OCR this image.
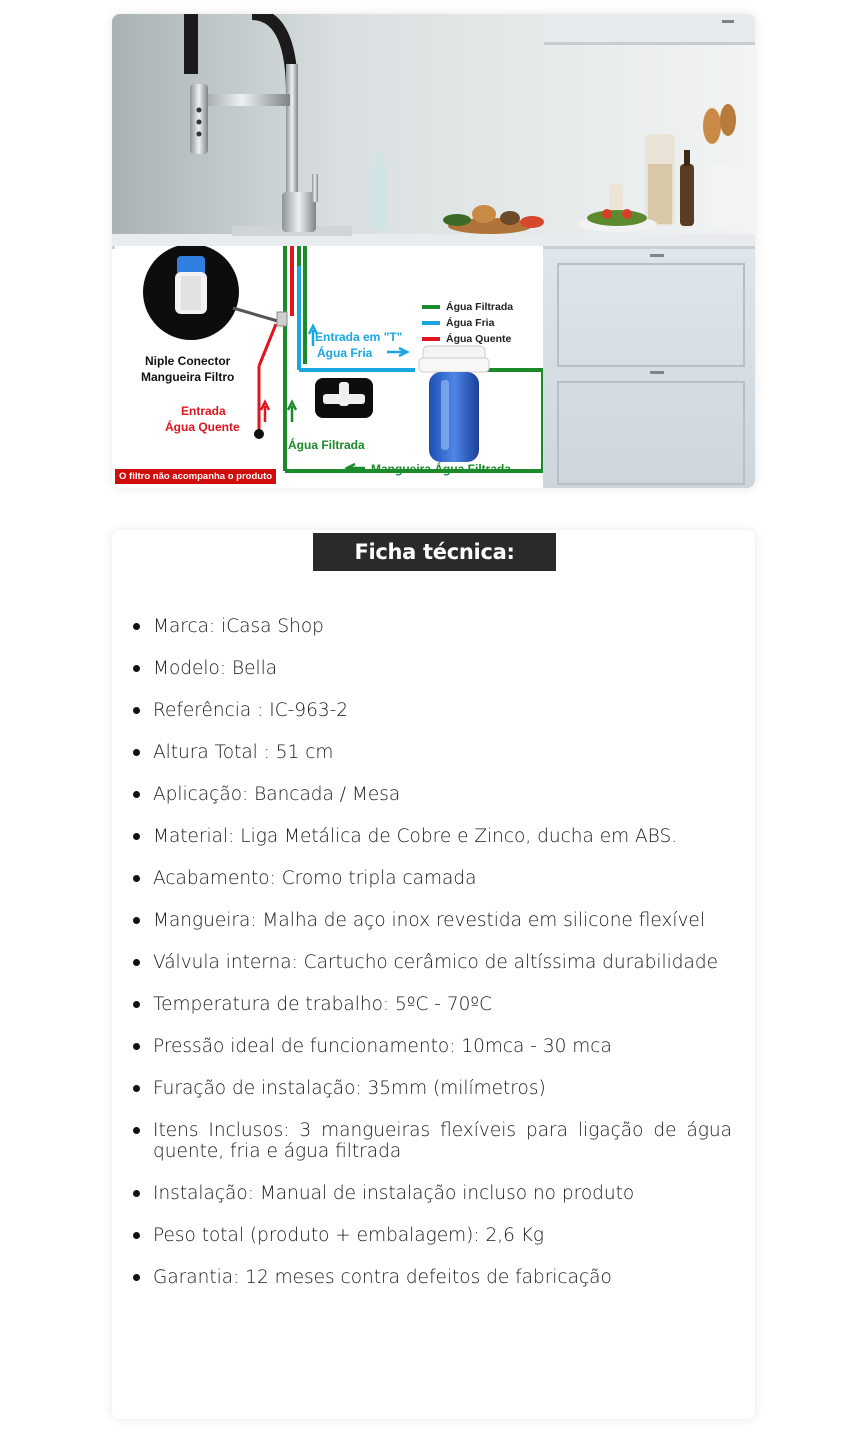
Água Filtrada
Água Fria
Água Quente
Niple Conector
Mangueira Filtro
Entrada
Água Quente
Entrada em "T"
Água Fria
Água Filtrada
Mangueira Água Filtrada
O filtro não acompanha o produto
Ficha técnica:
Marca: iCasa Shop
Modelo: Bella
Referência : IC-963-2
Altura Total : 51 cm
Aplicação: Bancada / Mesa
Material: Liga Metálica de Cobre e Zinco, ducha em ABS.
Acabamento: Cromo tripla camada
Mangueira: Malha de aço inox revestida em silicone flexível
Válvula interna: Cartucho cerâmico de altíssima durabilidade
Temperatura de trabalho: 5ºC - 70ºC
Pressão ideal de funcionamento: 10mca - 30 mca
Furação de instalação: 35mm (milímetros)
Itens Inclusos: 3 mangueiras flexíveis para ligação de água quente, fria e água filtrada
Instalação: Manual de instalação incluso no produto
Peso total (produto + embalagem): 2,6 Kg
Garantia: 12 meses contra defeitos de fabricação
